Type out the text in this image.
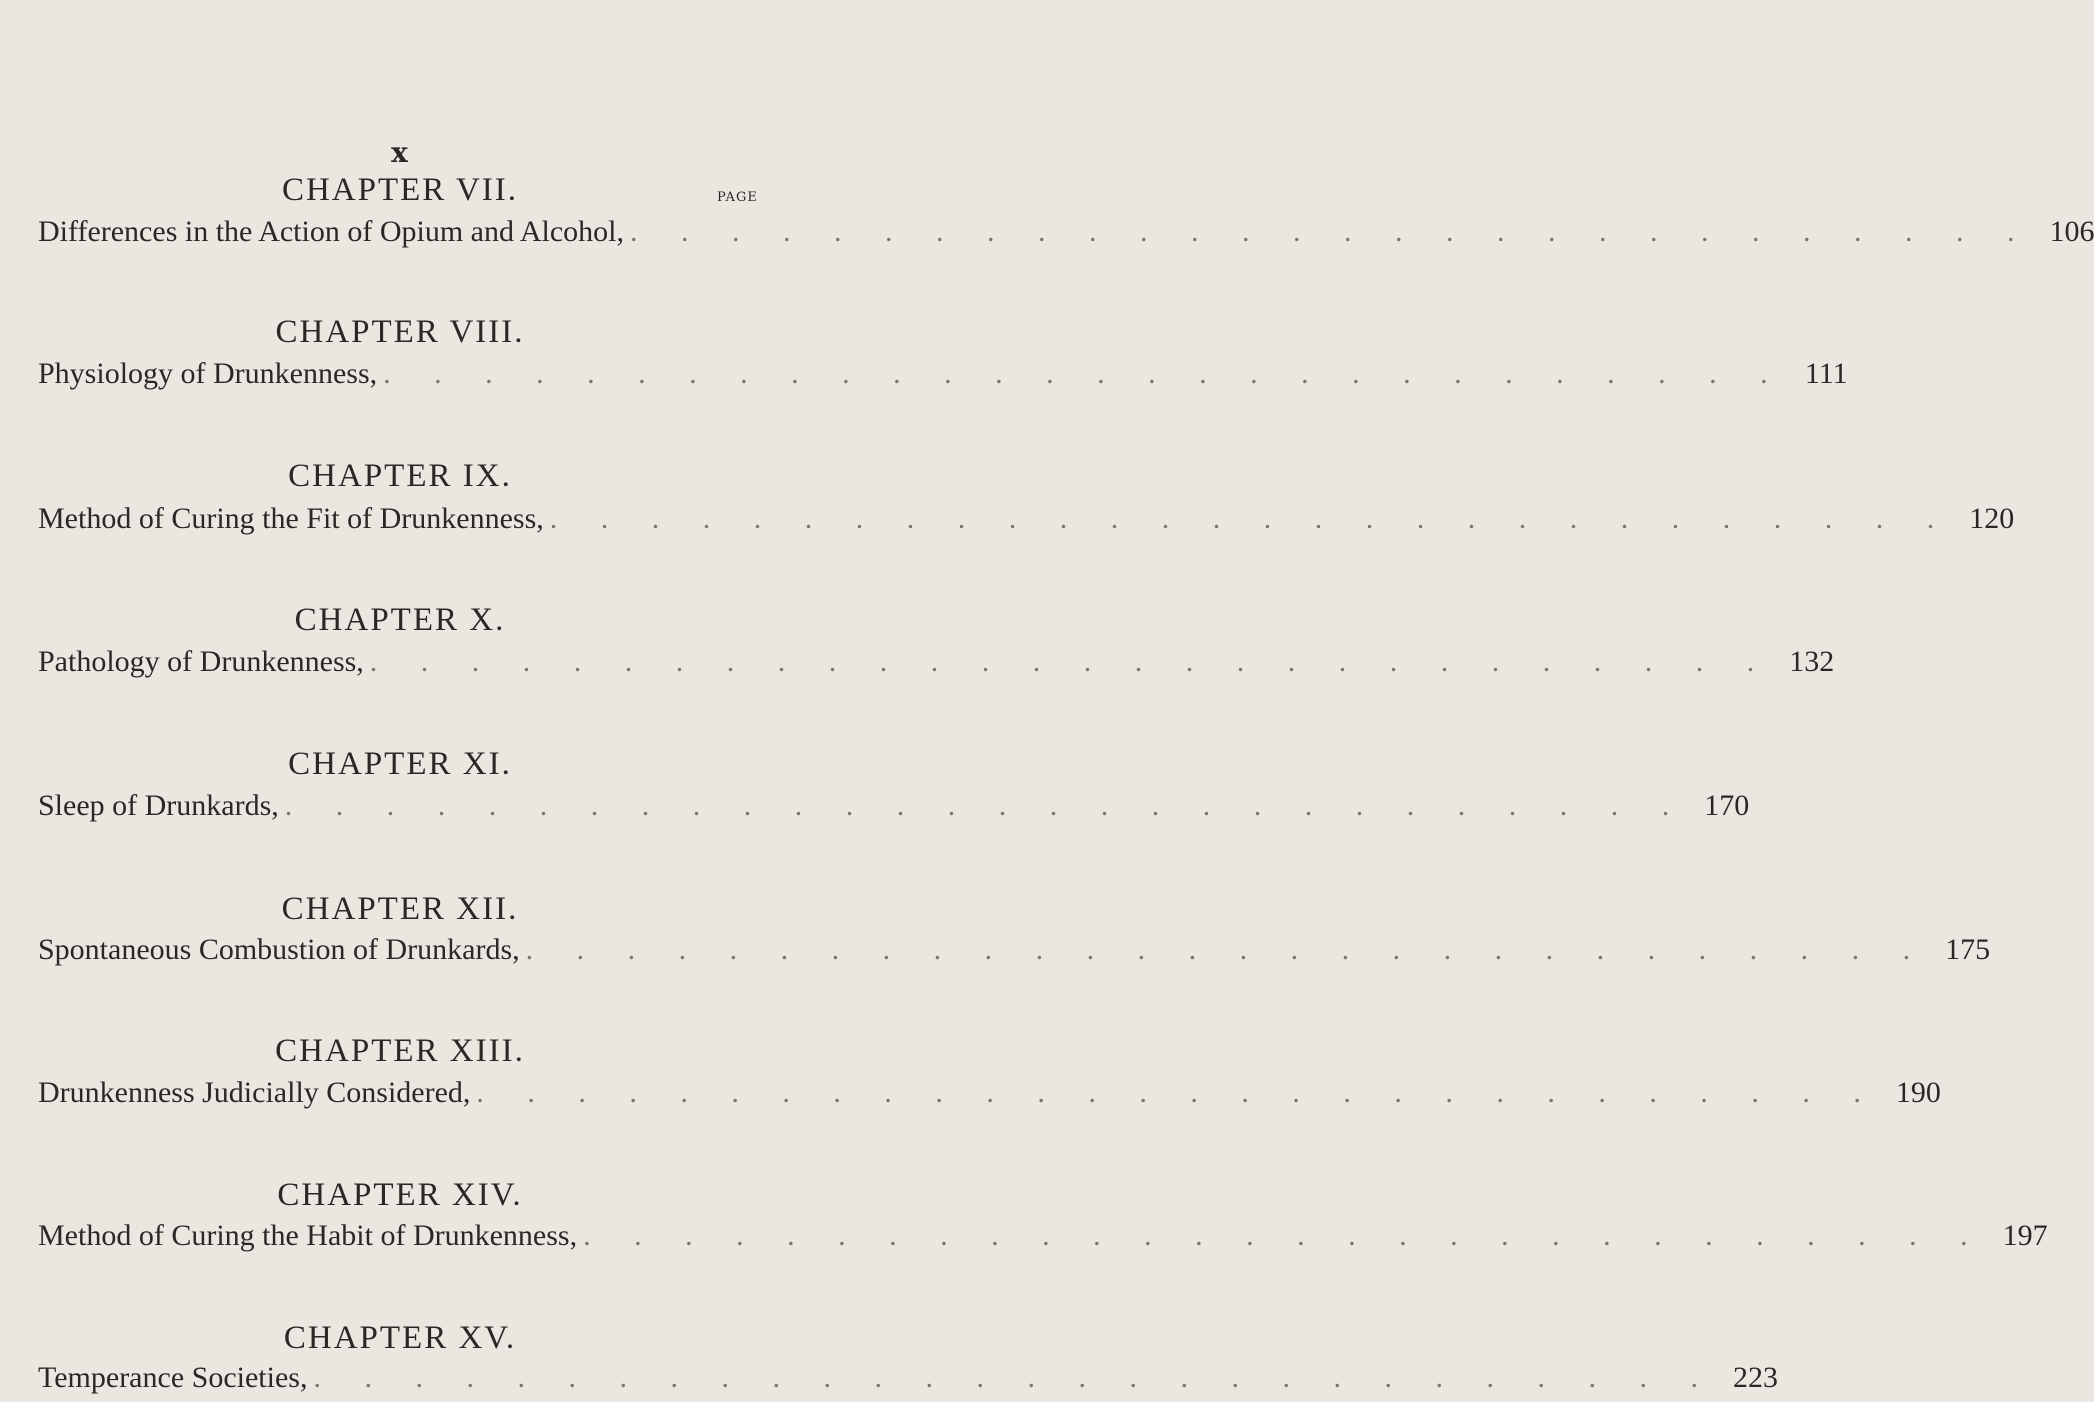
x
PAGE
CHAPTER VII.
Differences in the Action of Opium and Alcohol, . . . . . . . . . . . . . . . . . . . . . . . . . . . . 106
CHAPTER VIII.
Physiology of Drunkenness, . . . . . . . . . . . . . . . . . . . . . . . . . . . . 111
CHAPTER IX.
Method of Curing the Fit of Drunkenness, . . . . . . . . . . . . . . . . . . . . . . . . . . . . 120
CHAPTER X.
Pathology of Drunkenness, . . . . . . . . . . . . . . . . . . . . . . . . . . . . 132
CHAPTER XI.
Sleep of Drunkards, . . . . . . . . . . . . . . . . . . . . . . . . . . . . 170
CHAPTER XII.
Spontaneous Combustion of Drunkards, . . . . . . . . . . . . . . . . . . . . . . . . . . . . 175
CHAPTER XIII.
Drunkenness Judicially Considered, . . . . . . . . . . . . . . . . . . . . . . . . . . . . 190
CHAPTER XIV.
Method of Curing the Habit of Drunkenness, . . . . . . . . . . . . . . . . . . . . . . . . . . . . 197
CHAPTER XV.
Temperance Societies, . . . . . . . . . . . . . . . . . . . . . . . . . . . . 223
